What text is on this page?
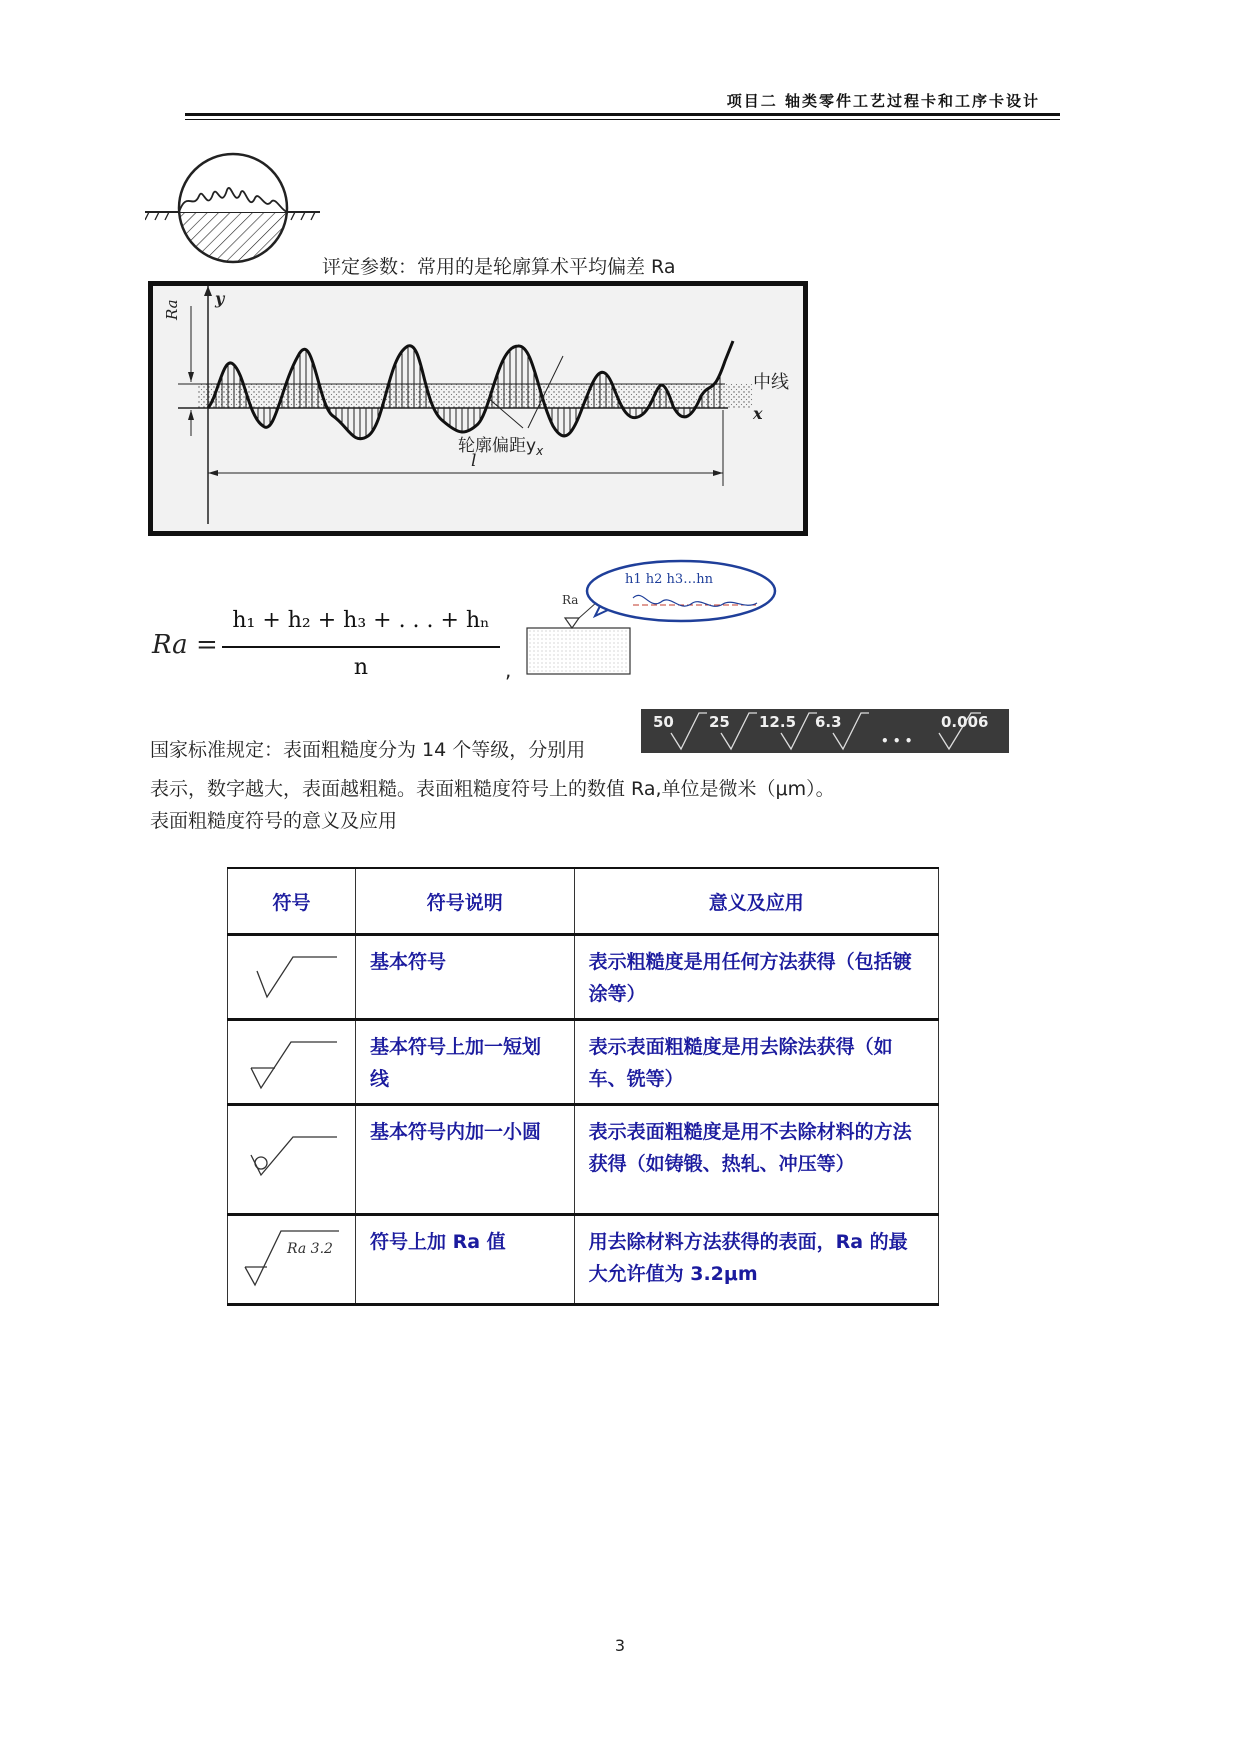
项目二 轴类零件工艺过程卡和工序卡设计
评定参数：常用的是轮廓算术平均偏差 Ra
Ra
y
x
中线
轮廓偏距$y_x$
l
Ra =
h₁ + h₂ + h₃ + . . . + hₙ
n	,
Ra
h1 h2 h3…hn
50 25 12.5 6.3
• • •
0.006
国家标准规定：表面粗糙度分为 14 个等级，分别用
表示，数字越大，表面越粗糙。表面粗糙度符号上的数值 Ra,单位是微米（μm）。
表面粗糙度符号的意义及应用
符号	符号说明	意义及应用
	基本符号	表示粗糙度是用任何方法获得（包括镀涂等）
	基本符号上加一短划线	表示表面粗糙度是用去除法获得（如车、铣等）
	基本符号内加一小圆	表示表面粗糙度是用不去除材料的方法获得（如铸锻、热轧、冲压等）

Ra 3.2	符号上加 Ra 值	用去除材料方法获得的表面，Ra 的最大允许值为 3.2μm
3
